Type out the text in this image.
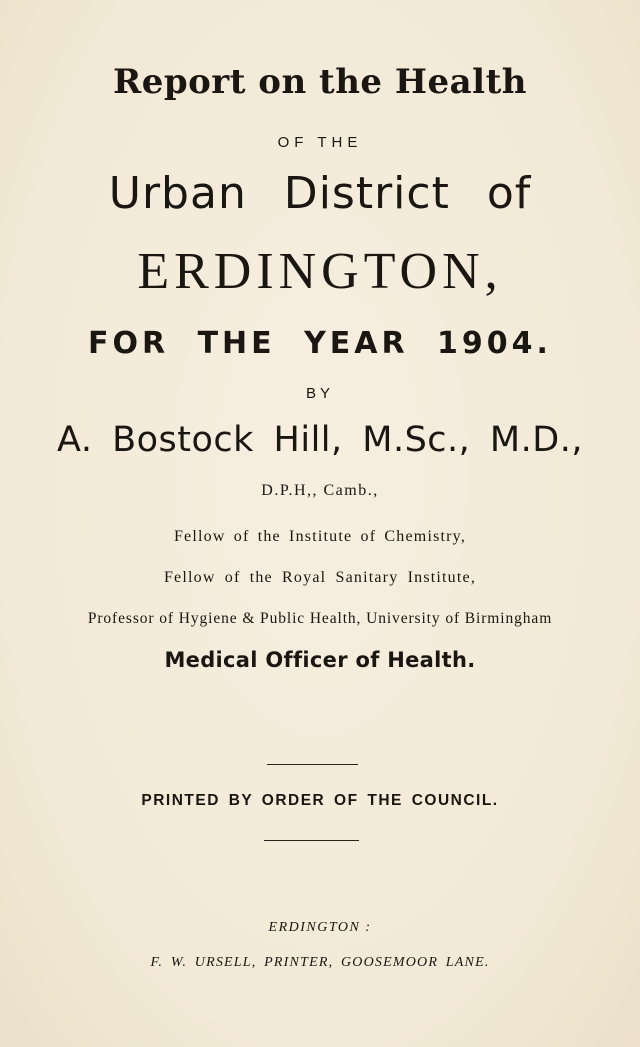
Report on the Health
OF THE
Urban District of
ERDINGTON,
FOR THE YEAR 1904.
BY
A. Bostock Hill, M.Sc., M.D.,
D.P.H,, Camb.,
Fellow of the Institute of Chemistry,
Fellow of the Royal Sanitary Institute,
Professor of Hygiene & Public Health, University of Birmingham
Medical Officer of Health.
PRINTED BY ORDER OF THE COUNCIL.
ERDINGTON :
F. W. URSELL, PRINTER, GOOSEMOOR LANE.
